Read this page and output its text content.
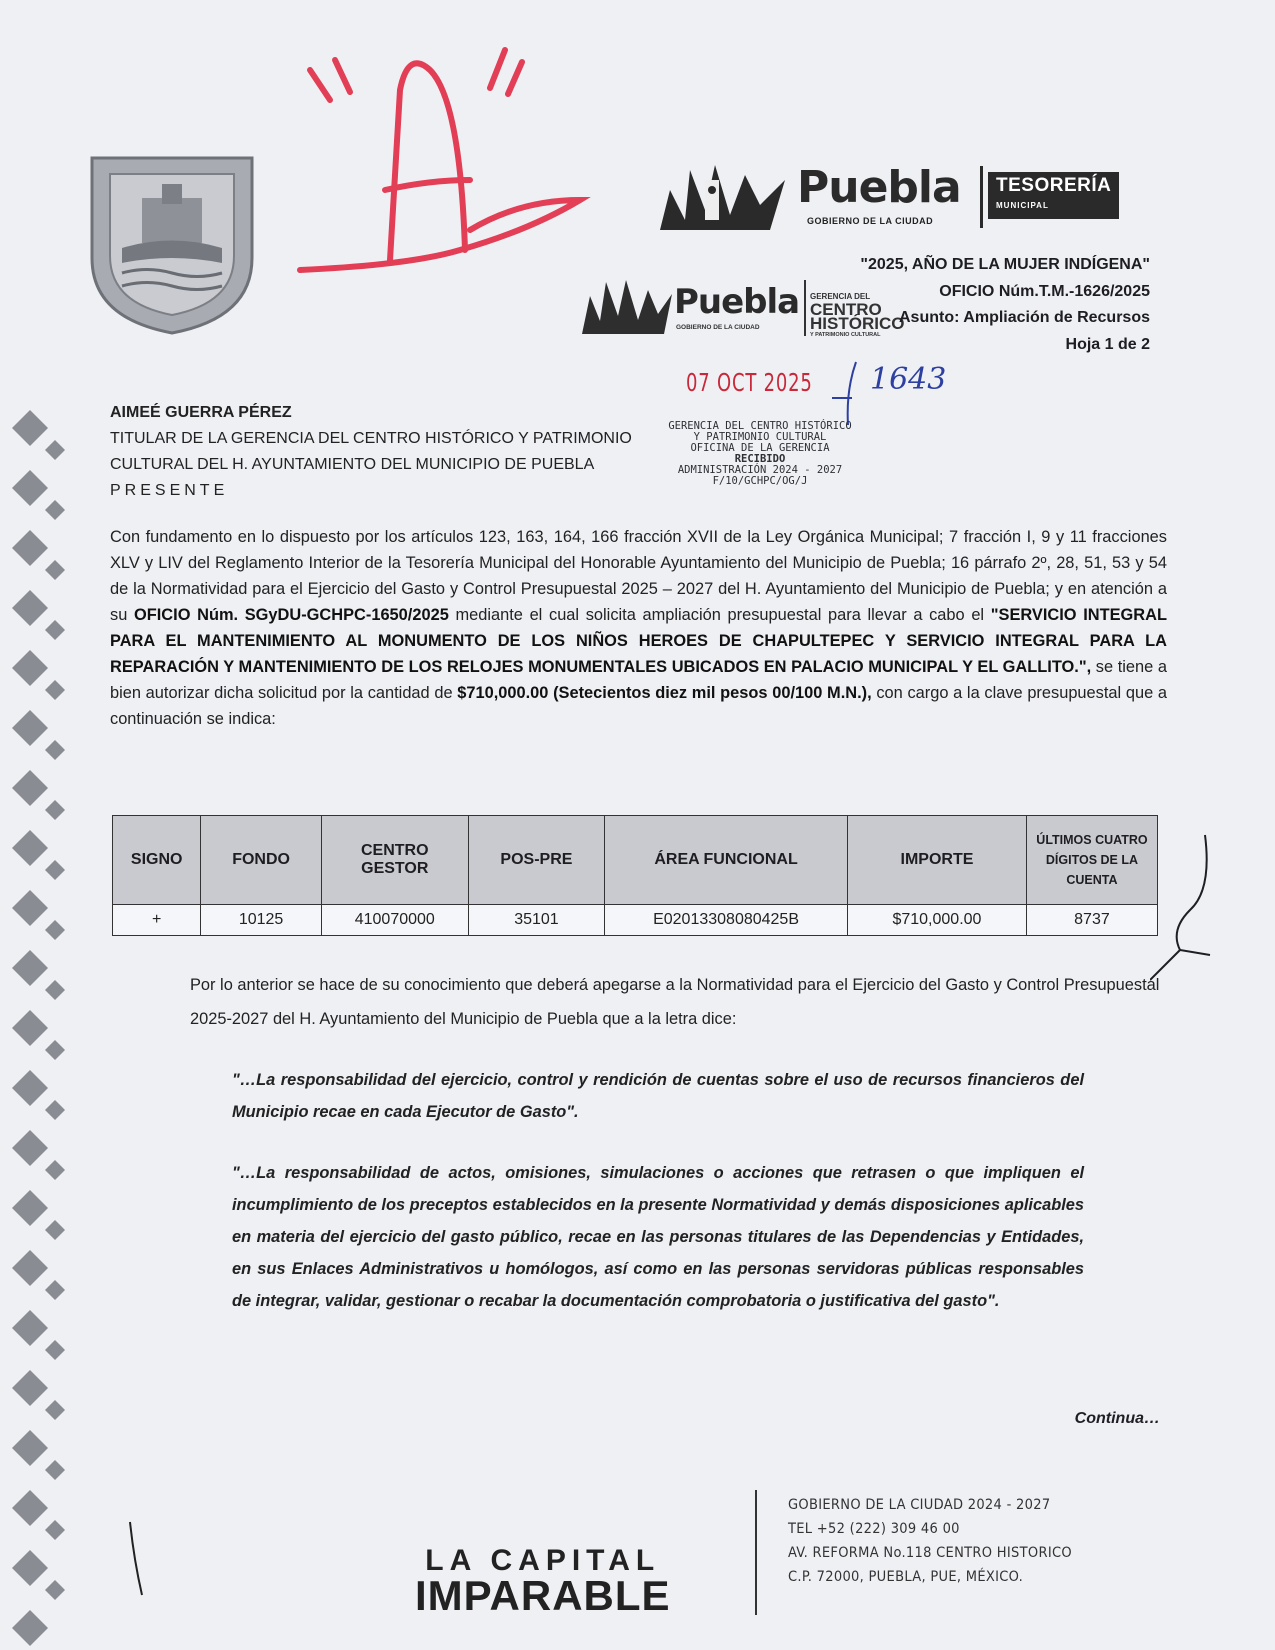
Puebla
GOBIERNO DE LA CIUDAD
TESORERÍA
MUNICIPAL
Puebla
GOBIERNO DE LA CIUDAD
GERENCIA DEL
CENTRO
HISTÓRICO
Y PATRIMONIO CULTURAL
"2025, AÑO DE LA MUJER INDÍGENA"
OFICIO Núm.T.M.-1626/2025
Asunto: Ampliación de Recursos
Hoja 1 de 2
07 OCT 2025 1643
GERENCIA DEL CENTRO HISTÓRICO
Y PATRIMONIO CULTURAL
OFICINA DE LA GERENCIA
RECIBIDO
ADMINISTRACIÓN 2024 - 2027
F/10/GCHPC/OG/J
AIMEÉ GUERRA PÉREZ
TITULAR DE LA GERENCIA DEL CENTRO HISTÓRICO Y PATRIMONIO
CULTURAL DEL H. AYUNTAMIENTO DEL MUNICIPIO DE PUEBLA
PRESENTE
Con fundamento en lo dispuesto por los artículos 123, 163, 164, 166 fracción XVII de la Ley Orgánica Municipal; 7 fracción I, 9 y 11 fracciones XLV y LIV del Reglamento Interior de la Tesorería Municipal del Honorable Ayuntamiento del Municipio de Puebla; 16 párrafo 2º, 28, 51, 53 y 54 de la Normatividad para el Ejercicio del Gasto y Control Presupuestal 2025 – 2027 del H. Ayuntamiento del Municipio de Puebla; y en atención a su OFICIO Núm. SGyDU-GCHPC-1650/2025 mediante el cual solicita ampliación presupuestal para llevar a cabo el "SERVICIO INTEGRAL PARA EL MANTENIMIENTO AL MONUMENTO DE LOS NIÑOS HEROES DE CHAPULTEPEC Y SERVICIO INTEGRAL PARA LA REPARACIÓN Y MANTENIMIENTO DE LOS RELOJES MONUMENTALES UBICADOS EN PALACIO MUNICIPAL Y EL GALLITO.", se tiene a bien autorizar dicha solicitud por la cantidad de $710,000.00 (Setecientos diez mil pesos 00/100 M.N.), con cargo a la clave presupuestal que a continuación se indica:
SIGNO	FONDO	CENTRO GESTOR	POS-PRE	ÁREA FUNCIONAL	IMPORTE	ÚLTIMOS CUATRO DÍGITOS DE LA CUENTA
+	10125	410070000	35101	E02013308080425B	$710,000.00	8737
Por lo anterior se hace de su conocimiento que deberá apegarse a la Normatividad para el Ejercicio del Gasto y Control Presupuestal 2025-2027 del H. Ayuntamiento del Municipio de Puebla que a la letra dice:
"…La responsabilidad del ejercicio, control y rendición de cuentas sobre el uso de recursos financieros del Municipio recae en cada Ejecutor de Gasto".
"…La responsabilidad de actos, omisiones, simulaciones o acciones que retrasen o que impliquen el incumplimiento de los preceptos establecidos en la presente Normatividad y demás disposiciones aplicables en materia del ejercicio del gasto público, recae en las personas titulares de las Dependencias y Entidades, en sus Enlaces Administrativos u homólogos, así como en las personas servidoras públicas responsables de integrar, validar, gestionar o recabar la documentación comprobatoria o justificativa del gasto".
Continua…
LA CAPITAL
IMPARABLE
GOBIERNO DE LA CIUDAD 2024 - 2027
TEL +52 (222) 309 46 00
AV. REFORMA No.118 CENTRO HISTORICO
C.P. 72000, PUEBLA, PUE, MÉXICO.
